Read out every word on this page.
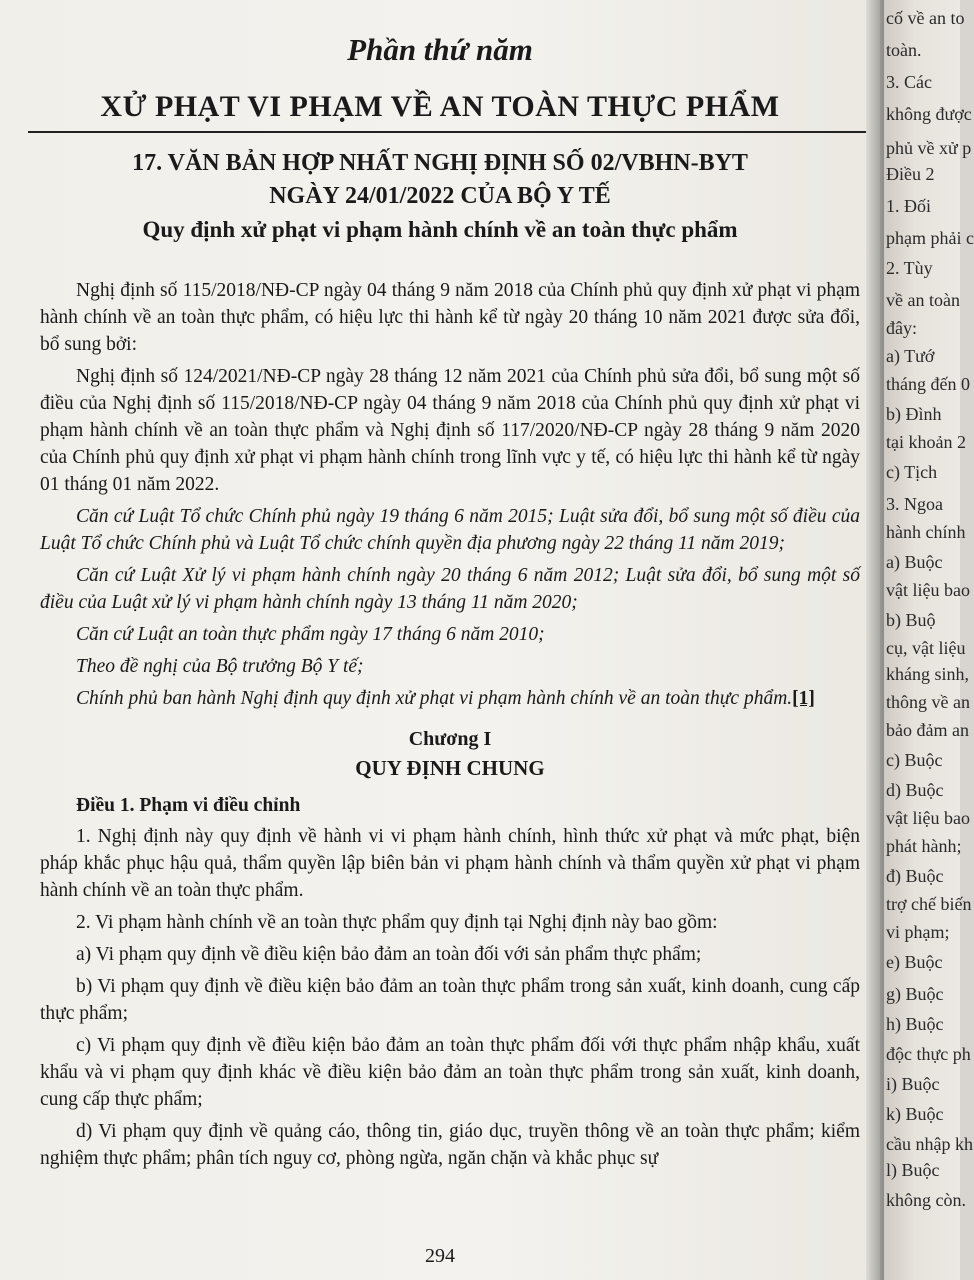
Phần thứ năm
XỬ PHẠT VI PHẠM VỀ AN TOÀN THỰC PHẨM
17. VĂN BẢN HỢP NHẤT NGHỊ ĐỊNH SỐ 02/VBHN-BYT
NGÀY 24/01/2022 CỦA BỘ Y TẾ
Quy định xử phạt vi phạm hành chính về an toàn thực phẩm

Nghị định số 115/2018/NĐ-CP ngày 04 tháng 9 năm 2018 của Chính phủ quy định xử phạt vi phạm hành chính về an toàn thực phẩm, có hiệu lực thi hành kể từ ngày 20 tháng 10 năm 2021 được sửa đổi, bổ sung bởi:

Nghị định số 124/2021/NĐ-CP ngày 28 tháng 12 năm 2021 của Chính phủ sửa đổi, bổ sung một số điều của Nghị định số 115/2018/NĐ-CP ngày 04 tháng 9 năm 2018 của Chính phủ quy định xử phạt vi phạm hành chính về an toàn thực phẩm và Nghị định số 117/2020/NĐ-CP ngày 28 tháng 9 năm 2020 của Chính phủ quy định xử phạt vi phạm hành chính trong lĩnh vực y tế, có hiệu lực thi hành kể từ ngày 01 tháng 01 năm 2022.

Căn cứ Luật Tổ chức Chính phủ ngày 19 tháng 6 năm 2015; Luật sửa đổi, bổ sung một số điều của Luật Tổ chức Chính phủ và Luật Tổ chức chính quyền địa phương ngày 22 tháng 11 năm 2019;

Căn cứ Luật Xử lý vi phạm hành chính ngày 20 tháng 6 năm 2012; Luật sửa đổi, bổ sung một số điều của Luật xử lý vi phạm hành chính ngày 13 tháng 11 năm 2020;

Căn cứ Luật an toàn thực phẩm ngày 17 tháng 6 năm 2010;

Theo đề nghị của Bộ trưởng Bộ Y tế;

Chính phủ ban hành Nghị định quy định xử phạt vi phạm hành chính về an toàn thực phẩm.[1]

Chương I

QUY ĐỊNH CHUNG

Điều 1. Phạm vi điều chỉnh

1. Nghị định này quy định về hành vi vi phạm hành chính, hình thức xử phạt và mức phạt, biện pháp khắc phục hậu quả, thẩm quyền lập biên bản vi phạm hành chính và thẩm quyền xử phạt vi phạm hành chính về an toàn thực phẩm.

2. Vi phạm hành chính về an toàn thực phẩm quy định tại Nghị định này bao gồm:

a) Vi phạm quy định về điều kiện bảo đảm an toàn đối với sản phẩm thực phẩm;

b) Vi phạm quy định về điều kiện bảo đảm an toàn thực phẩm trong sản xuất, kinh doanh, cung cấp thực phẩm;

c) Vi phạm quy định về điều kiện bảo đảm an toàn thực phẩm đối với thực phẩm nhập khẩu, xuất khẩu và vi phạm quy định khác về điều kiện bảo đảm an toàn thực phẩm trong sản xuất, kinh doanh, cung cấp thực phẩm;

d) Vi phạm quy định về quảng cáo, thông tin, giáo dục, truyền thông về an toàn thực phẩm; kiểm nghiệm thực phẩm; phân tích nguy cơ, phòng ngừa, ngăn chặn và khắc phục sự

294
cố về an to
toàn.
3. Các
không được
phủ về xử p
Điều 2
1. Đối
phạm phải c
2. Tùy
về an toàn
đây:
a) Tướ
tháng đến 0
b) Đình
tại khoản 2
c) Tịch
3. Ngoa
hành chính
a) Buộc
vật liệu bao
b) Buộ
cụ, vật liệu
kháng sinh,
thông về an
bảo đảm an
c) Buộc
d) Buộc
vật liệu bao
phát hành;
đ) Buộc
trợ chế biến
vi phạm;
e) Buộc
g) Buộc
h) Buộc
độc thực ph
i) Buộc
k) Buộc
cầu nhập kh
l) Buộc
không còn.
